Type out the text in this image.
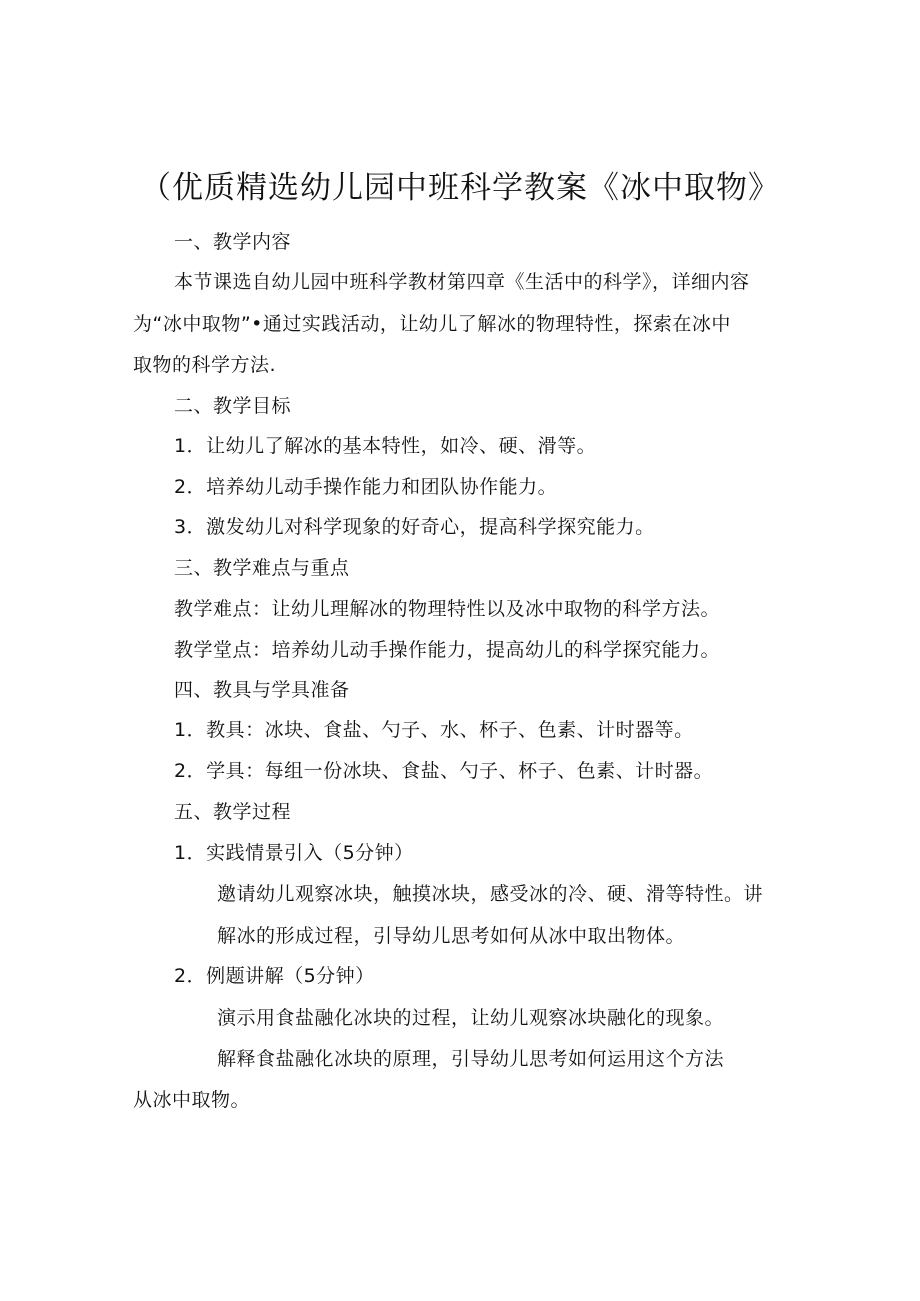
（优质精选幼儿园中班科学教案《冰中取物》
一、教学内容
本节课选自幼儿园中班科学教材第四章《生活中的科学》，详细内容
为“冰中取物”•通过实践活动，让幼儿了解冰的物理特性，探索在冰中
取物的科学方法.
二、教学目标
1．让幼儿了解冰的基本特性，如冷、硬、滑等。
2．培养幼儿动手操作能力和团队协作能力。
3．激发幼儿对科学现象的好奇心，提高科学探究能力。
三、教学难点与重点
教学难点：让幼儿理解冰的物理特性以及冰中取物的科学方法。
教学堂点：培养幼儿动手操作能力，提高幼儿的科学探究能力。
四、教具与学具准备
1．教具：冰块、食盐、勺子、水、杯子、色素、计时器等。
2．学具：每组一份冰块、食盐、勺子、杯子、色素、计时器。
五、教学过程
1．实践情景引入（5分钟）
邀请幼儿观察冰块，触摸冰块，感受冰的冷、硬、滑等特性。讲
解冰的形成过程，引导幼儿思考如何从冰中取出物体。
2．例题讲解（5分钟）
演示用食盐融化冰块的过程，让幼儿观察冰块融化的现象。
解释食盐融化冰块的原理，引导幼儿思考如何运用这个方法
从冰中取物。
